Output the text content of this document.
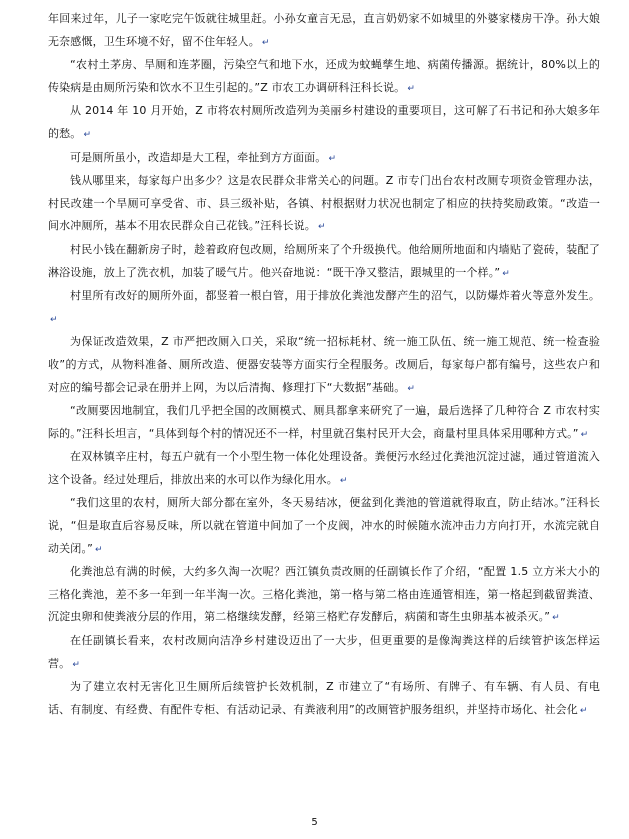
年回来过年，儿子一家吃完午饭就往城里赶。小孙女童言无忌，直言奶奶家不如城里的外婆家楼房干净。孙大娘无奈感慨，卫生环境不好，留不住年轻人。 ↵

“农村土茅房、旱厕和连茅圈，污染空气和地下水，还成为蚊蝇孳生地、病菌传播源。据统计，80%以上的传染病是由厕所污染和饮水不卫生引起的。”Z 市农工办调研科汪科长说。 ↵

从 2014 年 10 月开始，Z 市将农村厕所改造列为美丽乡村建设的重要项目，这可解了石书记和孙大娘多年的愁。 ↵

可是厕所虽小，改造却是大工程，牵扯到方方面面。 ↵

钱从哪里来，每家每户出多少？这是农民群众非常关心的问题。Z 市专门出台农村改厕专项资金管理办法，村民改建一个旱厕可享受省、市、县三级补贴，各镇、村根据财力状况也制定了相应的扶持奖励政策。“改造一间水冲厕所，基本不用农民群众自己花钱。”汪科长说。 ↵

村民小钱在翻新房子时，趁着政府包改厕，给厕所来了个升级换代。他给厕所地面和内墙贴了瓷砖，装配了淋浴设施，放上了洗衣机，加装了暖气片。他兴奋地说：“既干净又整洁，跟城里的一个样。” ↵

村里所有改好的厕所外面，都竖着一根白管，用于排放化粪池发酵产生的沼气，以防爆炸着火等意外发生。↵

为保证改造效果，Z 市严把改厕入口关，采取“统一招标耗材、统一施工队伍、统一施工规范、统一检查验收”的方式，从物料准备、厕所改造、便器安装等方面实行全程服务。改厕后，每家每户都有编号，这些农户和对应的编号都会记录在册并上网，为以后清掏、修理打下“大数据”基础。 ↵

“改厕要因地制宜，我们几乎把全国的改厕模式、厕具都拿来研究了一遍，最后选择了几种符合 Z 市农村实际的。”汪科长坦言，“具体到每个村的情况还不一样，村里就召集村民开大会，商量村里具体采用哪种方式。” ↵

在双林镇辛庄村，每五户就有一个小型生物一体化处理设备。粪便污水经过化粪池沉淀过滤，通过管道流入这个设备。经过处理后，排放出来的水可以作为绿化用水。 ↵

“我们这里的农村，厕所大部分都在室外，冬天易结冰，便盆到化粪池的管道就得取直，防止结冰。”汪科长说，“但是取直后容易反味，所以就在管道中间加了一个皮阀，冲水的时候随水流冲击力方向打开，水流完就自动关闭。” ↵

化粪池总有满的时候，大约多久淘一次呢？西江镇负责改厕的任副镇长作了介绍，“配置 1.5 立方米大小的三格化粪池，差不多一年到一年半淘一次。三格化粪池，第一格与第二格由连通管相连，第一格起到截留粪渣、沉淀虫卵和使粪液分层的作用，第二格继续发酵，经第三格贮存发酵后，病菌和寄生虫卵基本被杀灭。” ↵

在任副镇长看来，农村改厕向洁净乡村建设迈出了一大步，但更重要的是像淘粪这样的后续管护该怎样运营。 ↵

为了建立农村无害化卫生厕所后续管护长效机制，Z 市建立了“有场所、有牌子、有车辆、有人员、有电话、有制度、有经费、有配件专柜、有活动记录、有粪液利用”的改厕管护服务组织，并坚持市场化、社会化 ↵

5
